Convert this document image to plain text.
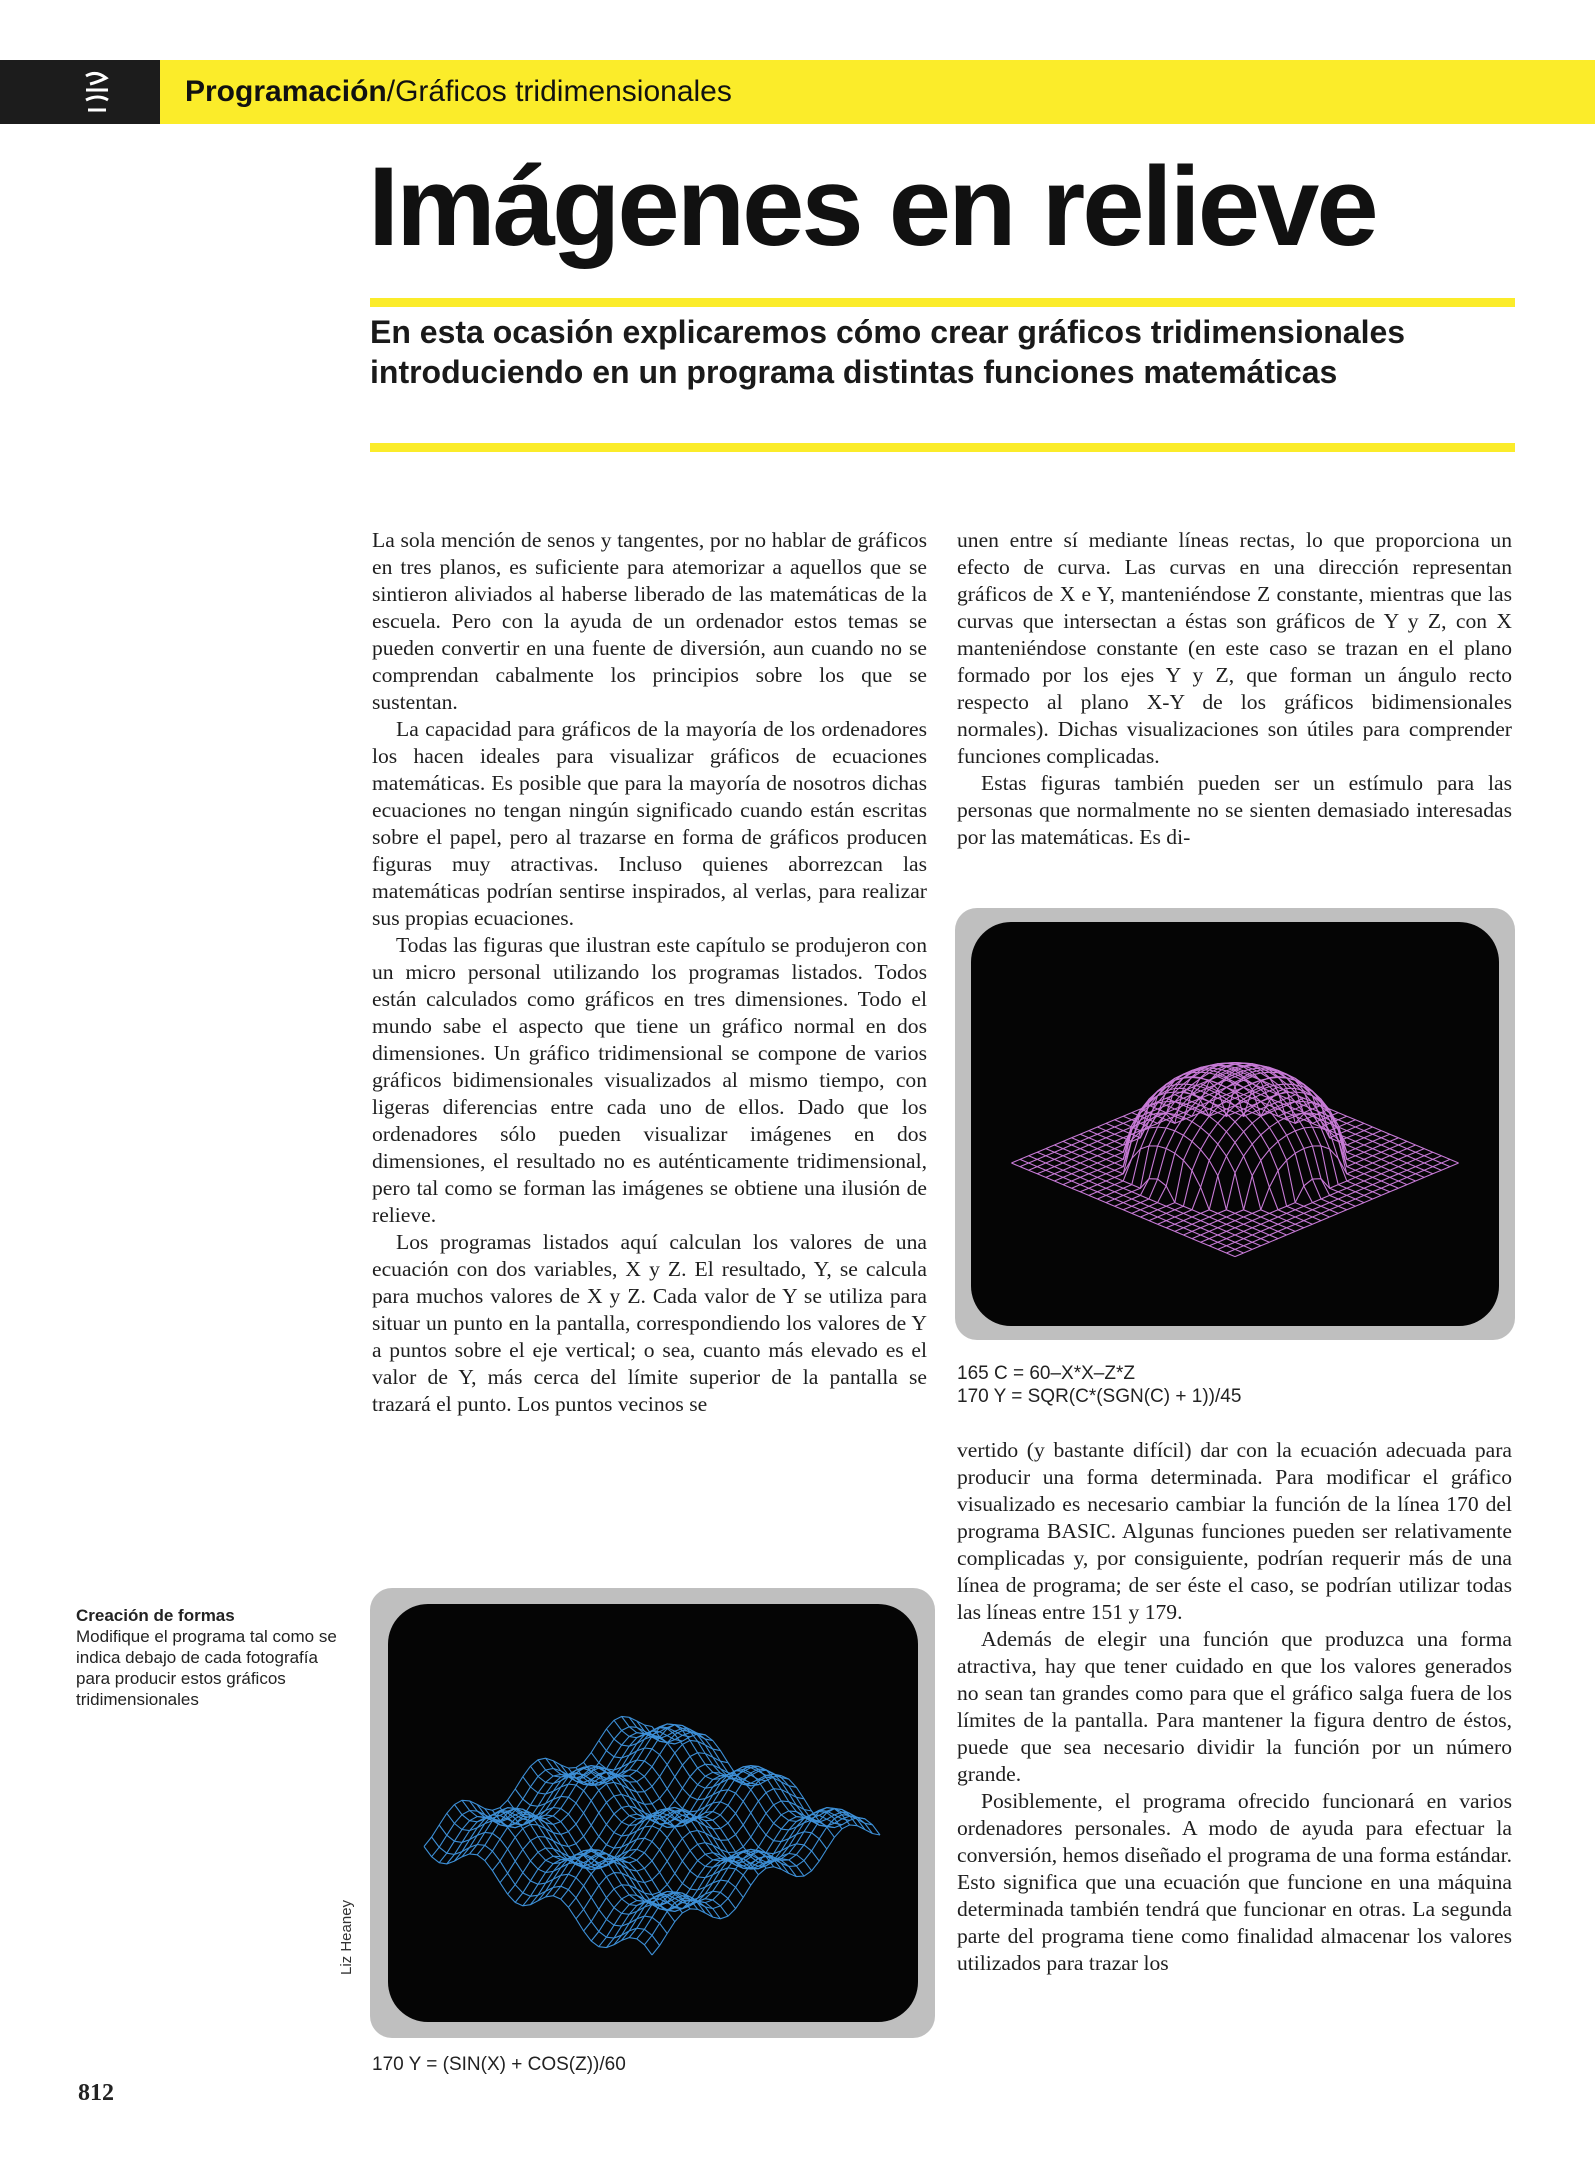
Programación/Gráficos tridimensionales
Imágenes en relieve

En esta ocasión explicaremos cómo crear gráficos tridimensionales introduciendo en un programa distintas funciones matemáticas

La sola mención de senos y tangentes, por no hablar de gráficos en tres planos, es suficiente para atemorizar a aquellos que se sintieron aliviados al haberse liberado de las matemáticas de la escuela. Pero con la ayuda de un ordenador estos temas se pueden convertir en una fuente de diversión, aun cuando no se comprendan cabalmente los principios sobre los que se sustentan.

La capacidad para gráficos de la mayoría de los ordenadores los hacen ideales para visualizar gráficos de ecuaciones matemáticas. Es posible que para la mayoría de nosotros dichas ecuaciones no tengan ningún significado cuando están escritas sobre el papel, pero al trazarse en forma de gráficos producen figuras muy atractivas. Incluso quienes aborrezcan las matemáticas podrían sentirse inspirados, al verlas, para realizar sus propias ecuaciones.

Todas las figuras que ilustran este capítulo se produjeron con un micro personal utilizando los programas listados. Todos están calculados como gráficos en tres dimensiones. Todo el mundo sabe el aspecto que tiene un gráfico normal en dos dimensiones. Un gráfico tridimensional se compone de varios gráficos bidimensionales visualizados al mismo tiempo, con ligeras diferencias entre cada uno de ellos. Dado que los ordenadores sólo pueden visualizar imágenes en dos dimensiones, el resultado no es auténticamente tridimensional, pero tal como se forman las imágenes se obtiene una ilusión de relieve.

Los programas listados aquí calculan los valores de una ecuación con dos variables, X y Z. El resultado, Y, se calcula para muchos valores de X y Z. Cada valor de Y se utiliza para situar un punto en la pantalla, correspondiendo los valores de Y a puntos sobre el eje vertical; o sea, cuanto más elevado es el valor de Y, más cerca del límite superior de la pantalla se trazará el punto. Los puntos vecinos se

unen entre sí mediante líneas rectas, lo que proporciona un efecto de curva. Las curvas en una dirección representan gráficos de X e Y, manteniéndose Z constante, mientras que las curvas que intersectan a éstas son gráficos de Y y Z, con X manteniéndose constante (en este caso se trazan en el plano formado por los ejes Y y Z, que forman un ángulo recto respecto al plano X-Y de los gráficos bidimensionales normales). Dichas visualizaciones son útiles para comprender funciones complicadas.

Estas figuras también pueden ser un estímulo para las personas que normalmente no se sienten demasiado interesadas por las matemáticas. Es di-

165 C = 60–X*X–Z*Z
170 Y = SQR(C*(SGN(C) + 1))/45

vertido (y bastante difícil) dar con la ecuación adecuada para producir una forma determinada. Para modificar el gráfico visualizado es necesario cambiar la función de la línea 170 del programa BASIC. Algunas funciones pueden ser relativamente complicadas y, por consiguiente, podrían requerir más de una línea de programa; de ser éste el caso, se podrían utilizar todas las líneas entre 151 y 179.

Además de elegir una función que produzca una forma atractiva, hay que tener cuidado en que los valores generados no sean tan grandes como para que el gráfico salga fuera de los límites de la pantalla. Para mantener la figura dentro de éstos, puede que sea necesario dividir la función por un número grande.

Posiblemente, el programa ofrecido funcionará en varios ordenadores personales. A modo de ayuda para efectuar la conversión, hemos diseñado el programa de una forma estándar. Esto significa que una ecuación que funcione en una máquina determinada también tendrá que funcionar en otras. La segunda parte del programa tiene como finalidad almacenar los valores utilizados para trazar los

170 Y = (SIN(X) + COS(Z))/60
Creación de formas
Modifique el programa tal como se indica debajo de cada fotografía para producir estos gráficos tridimensionales
Liz Heaney
812
